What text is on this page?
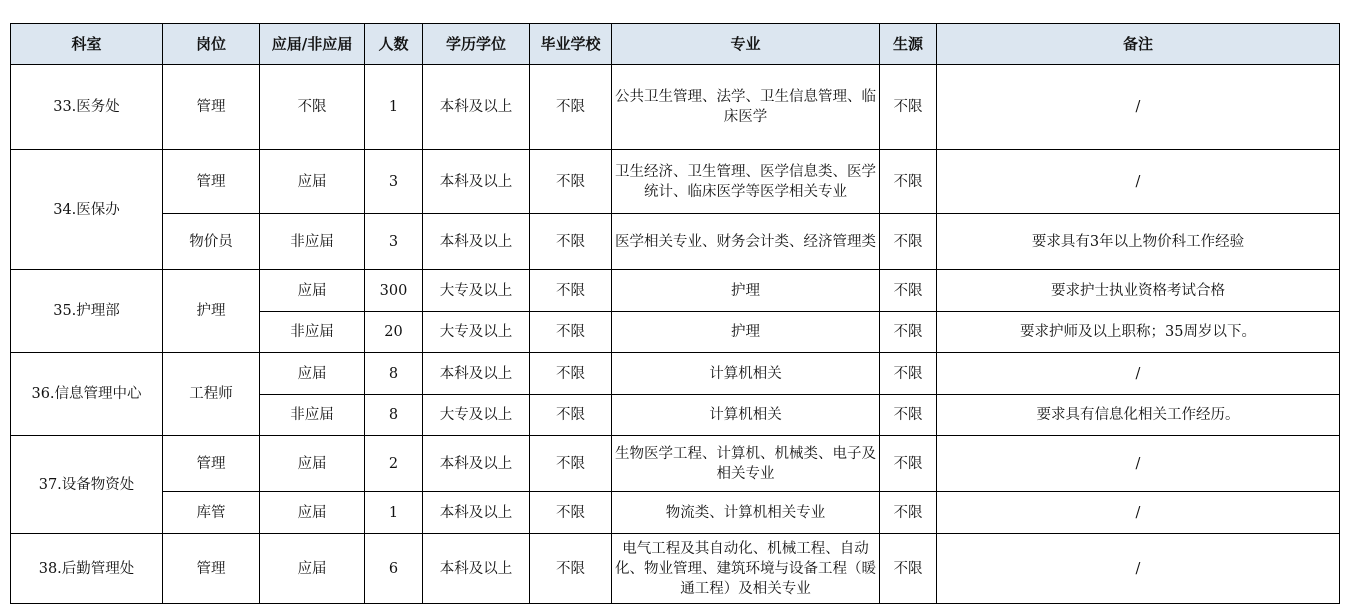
科室	岗位	应届/非应届	人数	学历学位	毕业学校	专业	生源	备注
33.医务处	管理	不限	1	本科及以上	不限	公共卫生管理、法学、卫生信息管理、临床医学	不限	/
34.医保办	管理	应届	3	本科及以上	不限	卫生经济、卫生管理、医学信息类、医学统计、临床医学等医学相关专业	不限	/
	物价员	非应届	3	本科及以上	不限	医学相关专业、财务会计类、经济管理类	不限	要求具有3年以上物价科工作经验
35.护理部	护理	应届	300	大专及以上	不限	护理	不限	要求护士执业资格考试合格
		非应届	20	大专及以上	不限	护理	不限	要求护师及以上职称；35周岁以下。
36.信息管理中心	工程师	应届	8	本科及以上	不限	计算机相关	不限	/
		非应届	8	大专及以上	不限	计算机相关	不限	要求具有信息化相关工作经历。
37.设备物资处	管理	应届	2	本科及以上	不限	生物医学工程、计算机、机械类、电子及相关专业	不限	/
	库管	应届	1	本科及以上	不限	物流类、计算机相关专业	不限	/
38.后勤管理处	管理	应届	6	本科及以上	不限	电气工程及其自动化、机械工程、自动化、物业管理、建筑环境与设备工程（暖通工程）及相关专业	不限	/
